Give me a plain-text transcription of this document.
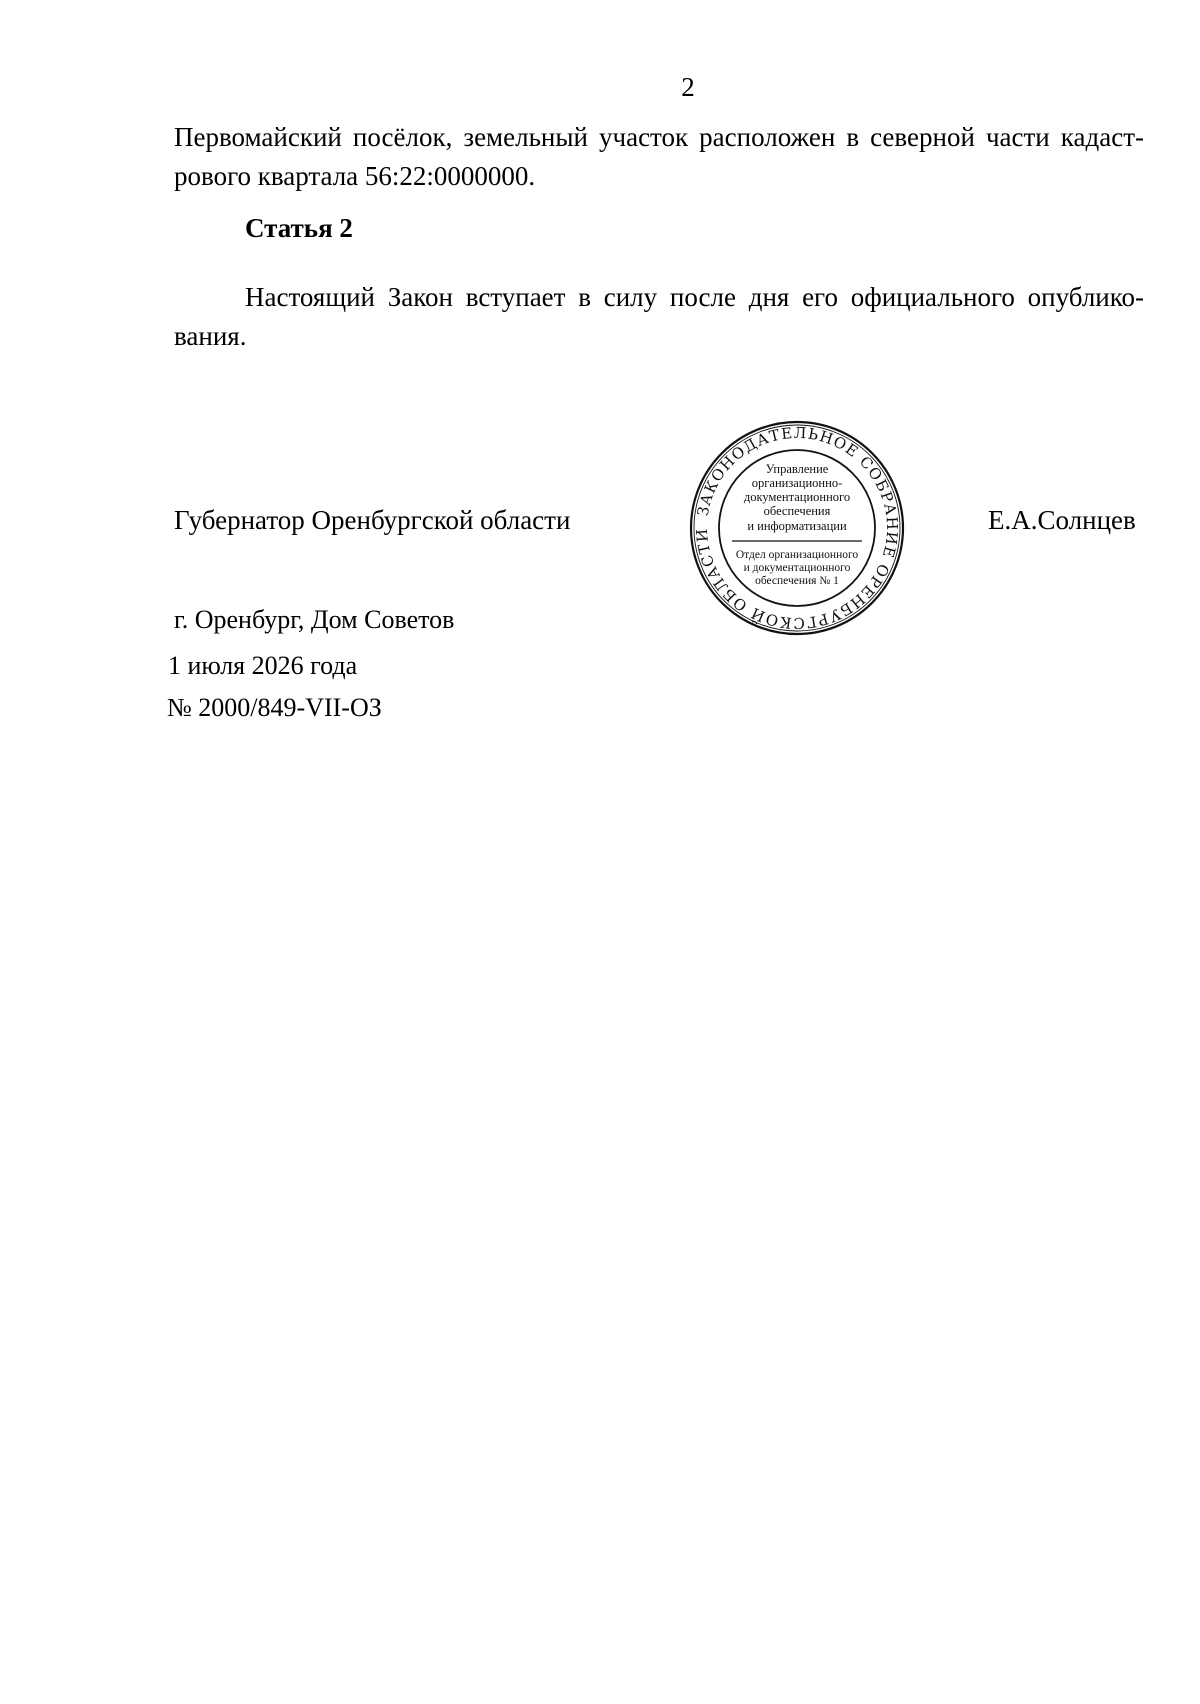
2
Первомайский посёлок, земельный участок расположен в северной части кадаст-рового квартала 56:22:0000000.
Статья 2
Настоящий Закон вступает в силу после дня его официального опублико-вания.
Губернатор Оренбургской области	ЗАКОНОДАТЕЛЬНОЕ СОБРАНИЕ ОРЕНБУРГСКОЙ ОБЛАСТИ
Управление
организационно-
документационного
обеспечения
и информатизации
Отдел организационного
и документационного
обеспечения № 1
Е.А.Солнцев
г. Оренбург, Дом Советов
1 июля 2026 года
№ 2000/849-VII-ОЗ
